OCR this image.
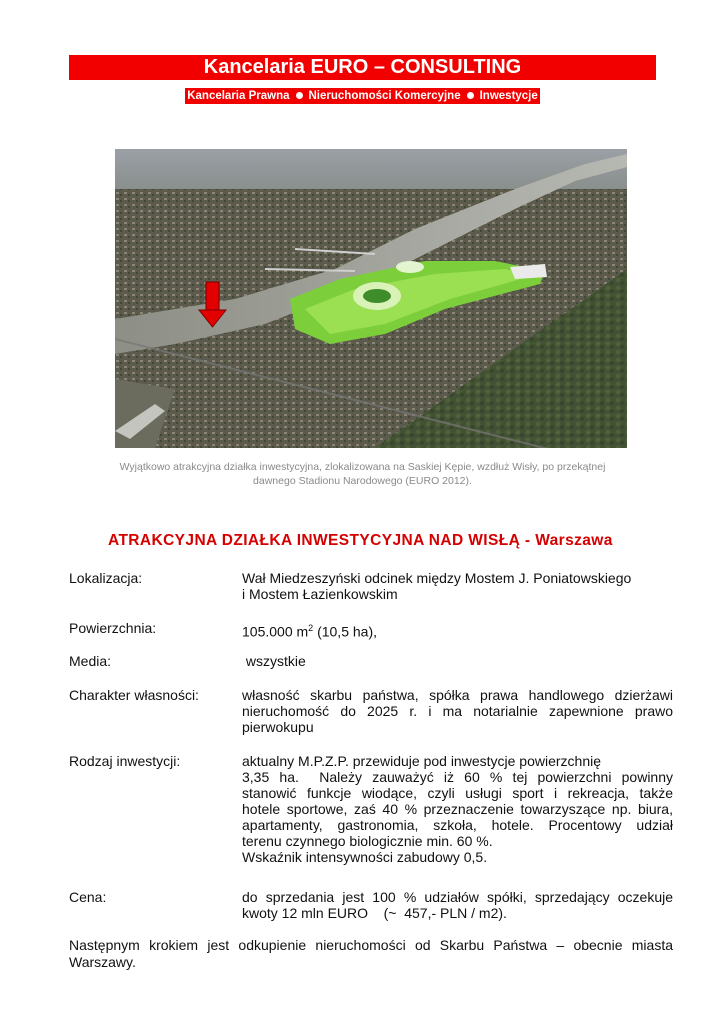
Kancelaria EURO – CONSULTING
Kancelaria Prawna Nieruchomości Komercyjne Inwestycje
Wyjątkowo atrakcyjna działka inwestycyjna, zlokalizowana na Saskiej Kępie, wzdłuż Wisły, po przekątnej
dawnego Stadionu Narodowego (EURO 2012).
ATRAKCYJNA DZIAŁKA INWESTYCYJNA NAD WISŁĄ - Warszawa
Lokalizacja:	Wał Miedzeszyński odcinek między Mostem J. Poniatowskiego
i Mostem Łazienkowskim
Powierzchnia:	105.000 $m^2$ (10,5 ha),
Media:	wszystkie
Charakter własności:	własność skarbu państwa, spółka prawa handlowego dzierżawi
nieruchomość do 2025 r. i ma notarialnie zapewnione prawo
pierwokupu
Rodzaj inwestycji:	aktualny M.P.Z.P. przewiduje pod inwestycje powierzchnię
3,35 ha.  Należy zauważyć iż 60 % tej powierzchni powinny
stanowić funkcje wiodące, czyli usługi sport i rekreacja, także
hotele sportowe, zaś 40 % przeznaczenie towarzyszące np. biura,
apartamenty, gastronomia, szkoła, hotele. Procentowy udział
terenu czynnego biologicznie min. 60 %.
Wskaźnik intensywności zabudowy 0,5.
Cena:	do sprzedania jest 100 % udziałów spółki, sprzedający oczekuje
kwoty 12 mln EURO    (~  457,- PLN / m2).
Następnym krokiem jest odkupienie nieruchomości od Skarbu Państwa – obecnie miasta Warszawy.
